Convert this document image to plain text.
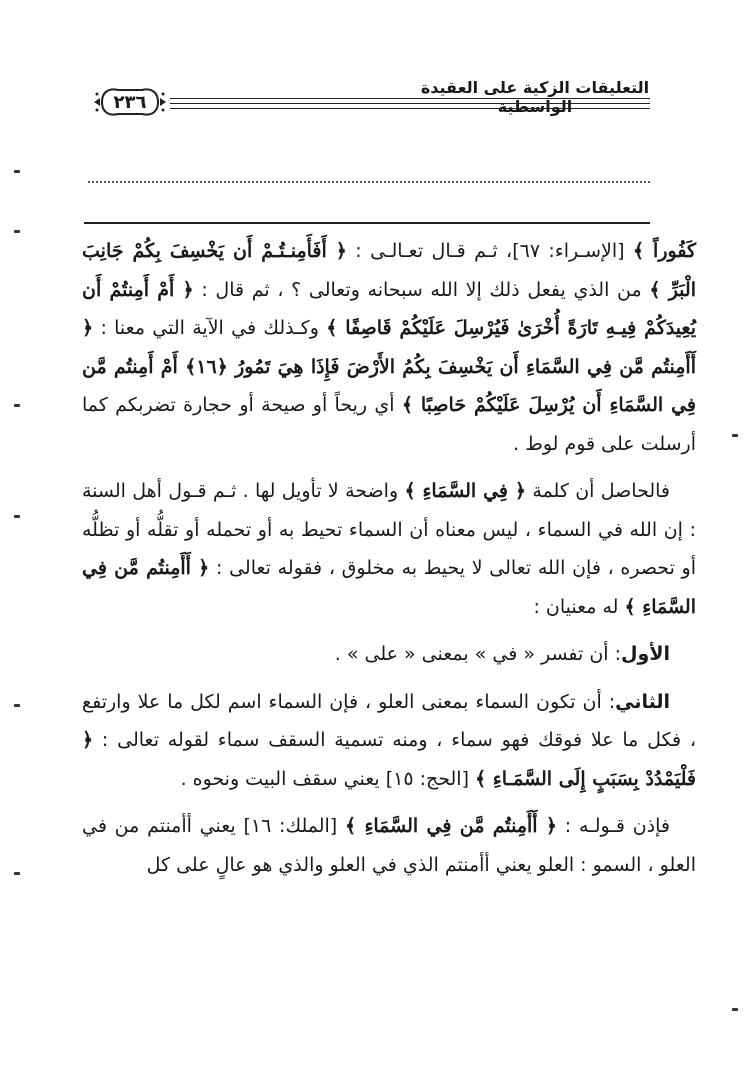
التعليقات الزكية على العقيدة الواسطية
٢٣٦

كَفُوراً ﴾ [الإسـراء: ٦٧]، ثـم قـال تعـالـى : ﴿ أَفَأَمِنـتُـمْ أَن يَخْسِفَ بِكُمْ جَانِبَ الْبَرِّ ﴾ من الذي يفعل ذلك إلا الله سبحانه وتعالى ؟ ، ثم قال : ﴿ أَمْ أَمِنتُمْ أَن يُعِيدَكُمْ فِيـهِ تَارَةً أُخْرَىٰ فَيُرْسِلَ عَلَيْكُمْ قَاصِفًا ﴾ وكـذلك في الآية التي معنا : ﴿ أَأَمِنتُم مَّن فِي السَّمَاءِ أَن يَخْسِفَ بِكُمُ الأَرْضَ فَإِذَا هِيَ تَمُورُ ﴿١٦﴾ أَمْ أَمِنتُم مَّن فِي السَّمَاءِ أَن يُرْسِلَ عَلَيْكُمْ حَاصِبًا ﴾ أي ريحاً أو صيحة أو حجارة تضربكم كما أرسلت على قوم لوط .

فالحاصل أن كلمة ﴿ فِي السَّمَاءِ ﴾ واضحة لا تأويل لها . ثـم قـول أهل السنة : إن الله في السماء ، ليس معناه أن السماء تحيط به أو تحمله أو تقلُّه أو تظلُّه أو تحصره ، فإن الله تعالى لا يحيط به مخلوق ، فقوله تعالى : ﴿ أَأَمِنتُم مَّن فِي السَّمَاءِ ﴾ له معنيان :

الأول: أن تفسر « في » بمعنى « على » .

الثاني: أن تكون السماء بمعنى العلو ، فإن السماء اسم لكل ما علا وارتفع ، فكل ما علا فوقك فهو سماء ، ومنه تسمية السقف سماء لقوله تعالى : ﴿ فَلْيَمْدُدْ بِسَبَبٍ إِلَى السَّمَـاءِ ﴾ [الحج: ١٥] يعني سقف البيت ونحوه .

فإذن قـولـه : ﴿ أَأَمِنتُم مَّن فِي السَّمَاءِ ﴾ [الملك: ١٦] يعني أأمنتم من في العلو ، السمو : العلو يعني أأمنتم الذي في العلو والذي هو عالٍ على كل
